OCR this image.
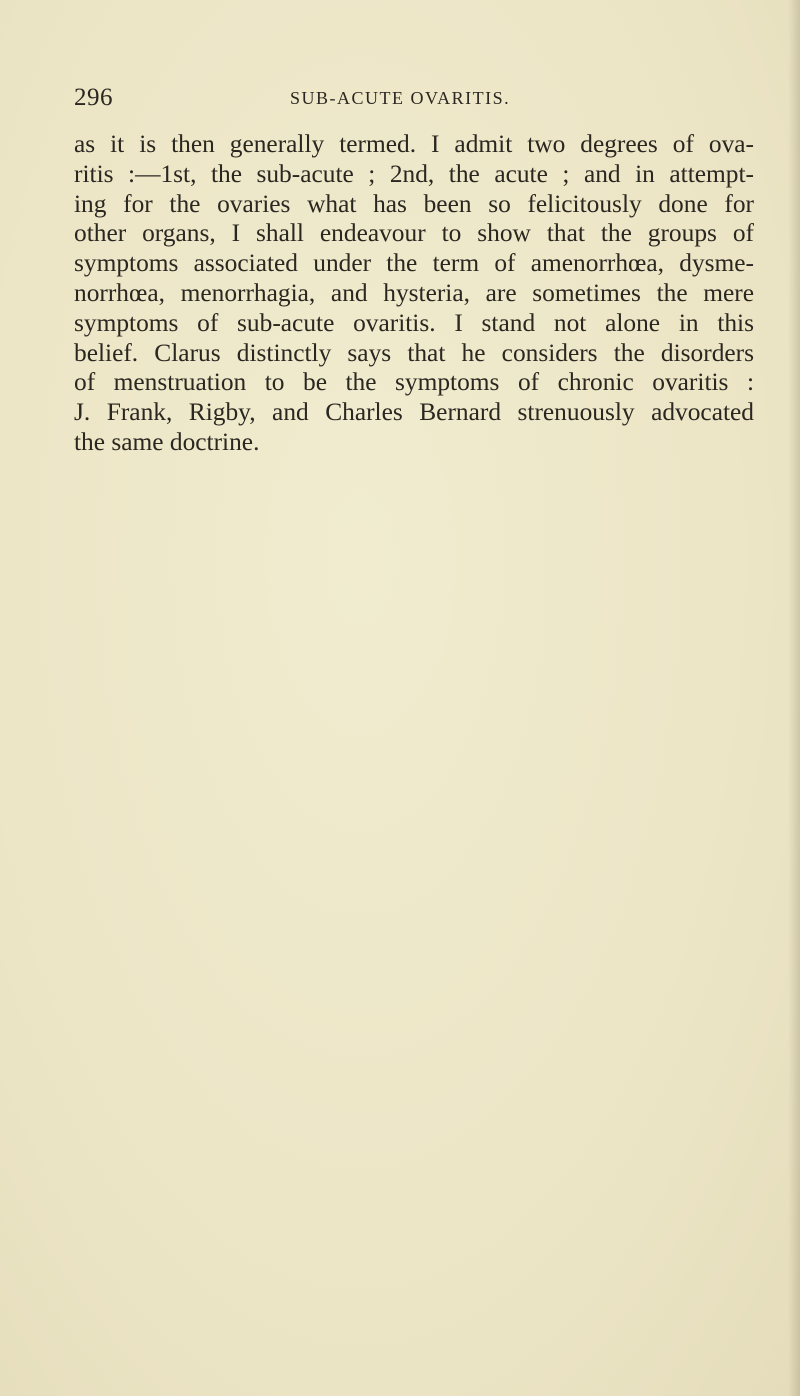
296	SUB-ACUTE OVARITIS.
as it is then generally termed. I admit two degrees of ova-
ritis :—1st, the sub-acute ; 2nd, the acute ; and in attempt-
ing for the ovaries what has been so felicitously done for
other organs, I shall endeavour to show that the groups of
symptoms associated under the term of amenorrhœa, dysme-
norrhœa, menorrhagia, and hysteria, are sometimes the mere
symptoms of sub-acute ovaritis. I stand not alone in this
belief. Clarus distinctly says that he considers the disorders
of menstruation to be the symptoms of chronic ovaritis :
J. Frank, Rigby, and Charles Bernard strenuously advocated
the same doctrine.
